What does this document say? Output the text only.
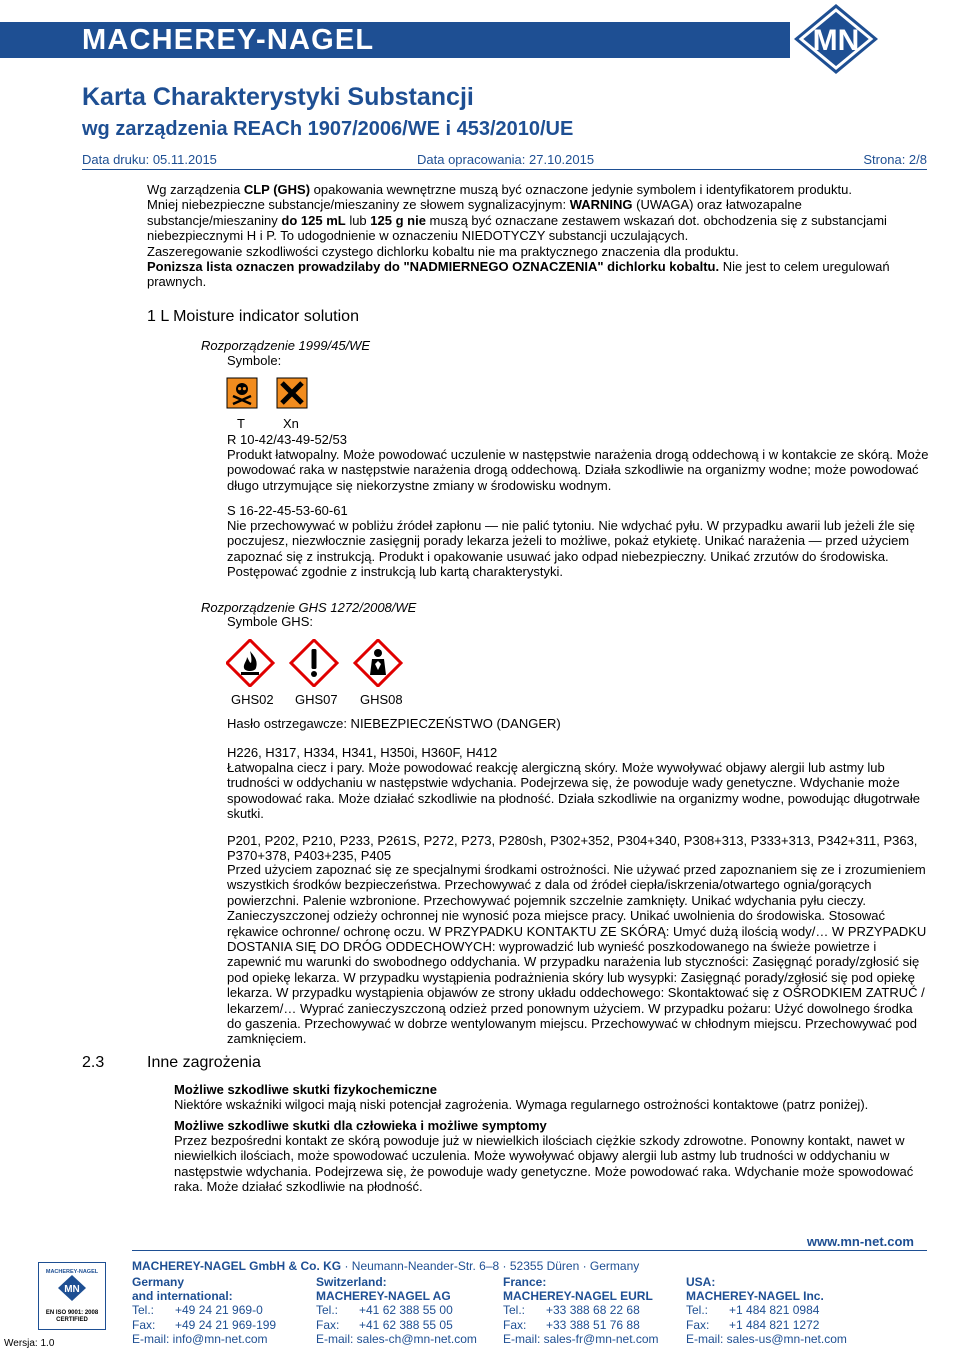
MACHEREY-NAGEL	MN
Karta Charakterystyki Substancji
wg zarządzenia REACh 1907/2006/WE i 453/2010/UE
Data druku: 05.11.2015	Data opracowania: 27.10.2015	Strona: 2/8

Wg zarządzenia CLP (GHS) opakowania wewnętrzne muszą być oznaczone jedynie symbolem i identyfikatorem produktu.

Mniej niebezpieczne substancje/mieszaniny ze słowem sygnalizacyjnym: WARNING (UWAGA) oraz łatwozapalne

substancje/mieszaniny do 125 mL lub 125 g nie muszą być oznaczane zestawem wskazań dot. obchodzenia się z substancjami

niebezpiecznymi H i P. To udogodnienie w oznaczeniu NIEDOTYCZY substancji uczulających.

Zaszeregowanie szkodliwości czystego dichlorku kobaltu nie ma praktycznego znaczenia dla produktu.

Ponizsza lista oznaczen prowadzilaby do "NADMIERNEGO OZNACZENIA" dichlorku kobaltu. Nie jest to celem uregulowań

prawnych.

1 L Moisture indicator solution
Rozporządzenie 1999/45/WE
Symbole:
T	Xn
R 10-42/43-49-52/53

Produkt łatwopalny. Może powodować uczulenie w następstwie narażenia drogą oddechową i w kontakcie ze skórą. Może

powodować raka w następstwie narażenia drogą oddechową. Działa szkodliwie na organizmy wodne; może powodować

długo utrzymujące się niekorzystne zmiany w środowisku wodnym.

S 16-22-45-53-60-61

Nie przechowywać w pobliżu źródeł zapłonu — nie palić tytoniu. Nie wdychać pyłu. W przypadku awarii lub jeżeli źle się

poczujesz, niezwłocznie zasięgnij porady lekarza jeżeli to możliwe, pokaż etykietę. Unikać narażenia — przed użyciem

zapoznać się z instrukcją. Produkt i opakowanie usuwać jako odpad niebezpieczny. Unikać zrzutów do środowiska.

Postępować zgodnie z instrukcją lub kartą charakterystyki.

Rozporządzenie GHS 1272/2008/WE
Symbole GHS:
GHS02 GHS07 GHS08
Hasło ostrzegawcze: NIEBEZPIECZEŃSTWO (DANGER)
H226, H317, H334, H341, H350i, H360F, H412

Łatwopalna ciecz i pary. Może powodować reakcję alergiczną skóry. Może wywoływać objawy alergii lub astmy lub

trudności w oddychaniu w następstwie wdychania. Podejrzewa się, że powoduje wady genetyczne. Wdychanie może

spowodować raka. Może działać szkodliwie na płodność. Działa szkodliwie na organizmy wodne, powodując długotrwałe

skutki.

P201, P202, P210, P233, P261S, P272, P273, P280sh, P302+352, P304+340, P308+313, P333+313, P342+311, P363,

P370+378, P403+235, P405

Przed użyciem zapoznać się ze specjalnymi środkami ostrożności. Nie używać przed zapoznaniem się ze i zrozumieniem

wszystkich środków bezpieczeństwa. Przechowywać z dala od źródeł ciepła/iskrzenia/otwartego ognia/gorących

powierzchni. Palenie wzbronione. Przechowywać pojemnik szczelnie zamknięty. Unikać wdychania pyłu cieczy.

Zanieczyszczonej odzieży ochronnej nie wynosić poza miejsce pracy. Unikać uwolnienia do środowiska. Stosować

rękawice ochronne/ ochronę oczu. W PRZYPADKU KONTAKTU ZE SKÓRĄ: Umyć dużą ilością wody/… W PRZYPADKU

DOSTANIA SIĘ DO DRÓG ODDECHOWYCH: wyprowadzić lub wynieść poszkodowanego na świeże powietrze i

zapewnić mu warunki do swobodnego oddychania. W przypadku narażenia lub styczności: Zasięgnąć porady/zgłosić się

pod opiekę lekarza. W przypadku wystąpienia podrażnienia skóry lub wysypki: Zasięgnąć porady/zgłosić się pod opiekę

lekarza. W przypadku wystąpienia objawów ze strony układu oddechowego: Skontaktować się z OŚRODKIEM ZATRUĆ /

lekarzem/… Wyprać zanieczyszczoną odzież przed ponownym użyciem. W przypadku pożaru: Użyć dowolnego środka

do gaszenia. Przechowywać w dobrze wentylowanym miejscu. Przechowywać w chłodnym miejscu. Przechowywać pod

zamknięciem.

2.3	Inne zagrożenia
Możliwe szkodliwe skutki fizykochemiczne
Niektóre wskaźniki wilgoci mają niski potencjał zagrożenia. Wymaga regularnego ostrożności kontaktowe (patrz poniżej).
Możliwe szkodliwe skutki dla człowieka i możliwe symptomy

Przez bezpośredni kontakt ze skórą powoduje już w niewielkich ilościach ciężkie szkody zdrowotne. Ponowny kontakt, nawet w

niewielkich ilościach, może spowodować uczulenia. Może wywoływać objawy alergii lub astmy lub trudności w oddychaniu w

następstwie wdychania. Podejrzewa się, że powoduje wady genetyczne. Może powodować raka. Wdychanie może spowodować

raka. Może działać szkodliwie na płodność.

www.mn-net.com
MACHEREY-NAGEL
MN
EN ISO 9001: 2008 CERTIFIED
Wersja: 1.0
MACHEREY-NAGEL GmbH & Co. KG · Neumann-Neander-Str. 6–8 · 52355 Düren · Germany
Germany
and international:
Tel.: +49 24 21 969-0
Fax: +49 24 21 969-199
E-mail: info@mn-net.com
Switzerland:
MACHEREY-NAGEL AG
Tel.: +41 62 388 55 00
Fax: +41 62 388 55 05
E-mail: sales-ch@mn-net.com
France:
MACHEREY-NAGEL EURL
Tel.: +33 388 68 22 68
Fax: +33 388 51 76 88
E-mail: sales-fr@mn-net.com
USA:
MACHEREY-NAGEL Inc.
Tel.: +1 484 821 0984
Fax: +1 484 821 1272
E-mail: sales-us@mn-net.com
